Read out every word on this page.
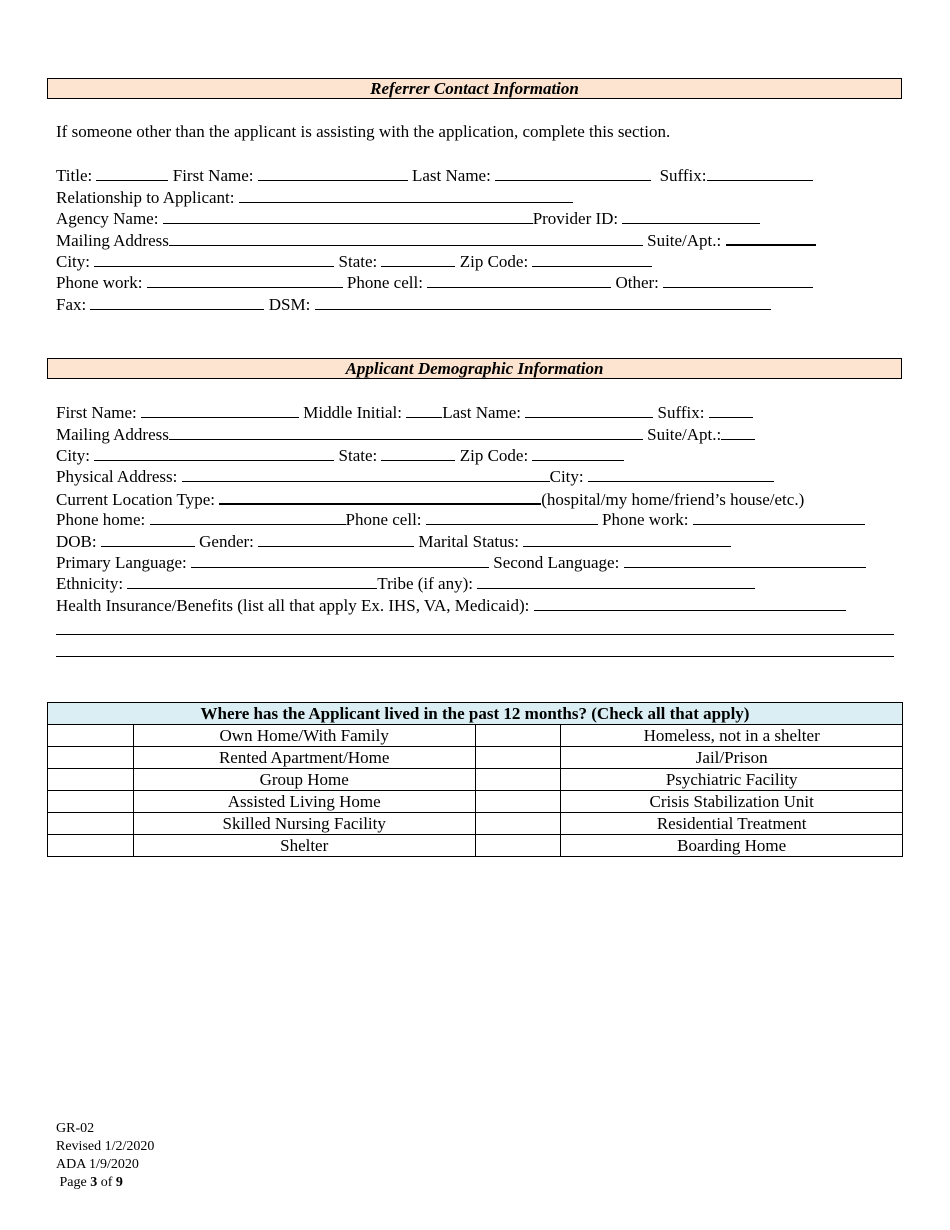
Referrer Contact Information
If someone other than the applicant is assisting with the application, complete this section.
Title:	First Name:	Last Name:	Suffix:
Relationship to Applicant:
Agency Name:	Provider ID:
Mailing Address	Suite/Apt.:
City:	State:	Zip Code:
Phone work:	Phone cell:	Other:
Fax:	DSM:
Applicant Demographic Information
First Name:	Middle Initial: Last Name:	Suffix:
Mailing Address	Suite/Apt.:
City:	State:	Zip Code:
Physical Address:	City:
Current Location Type:	(hospital/my home/friend’s house/etc.)
Phone home:	Phone cell:	Phone work:
DOB:	Gender:	Marital Status:
Primary Language:	Second Language:
Ethnicity:	Tribe (if any):
Health Insurance/Benefits (list all that apply Ex. IHS, VA, Medicaid):
Where has the Applicant lived in the past 12 months? (Check all that apply)			
	Own Home/With Family		Homeless, not in a shelter
	Rented Apartment/Home		Jail/Prison
	Group Home		Psychiatric Facility
	Assisted Living Home		Crisis Stabilization Unit
	Skilled Nursing Facility		Residential Treatment
	Shelter		Boarding Home
GR-02
Revised 1/2/2020
ADA 1/9/2020
Page 3 of 9
